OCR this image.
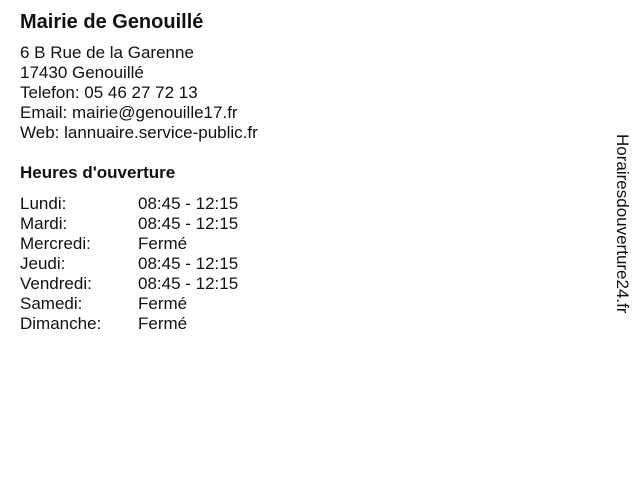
Mairie de Genouillé
6 B Rue de la Garenne
17430 Genouillé
Telefon: 05 46 27 72 13
Email: mairie@genouille17.fr
Web: lannuaire.service-public.fr
Heures d'ouverture
Lundi:	08:45 - 12:15
Mardi:	08:45 - 12:15
Mercredi:	Fermé
Jeudi:	08:45 - 12:15
Vendredi:	08:45 - 12:15
Samedi:	Fermé
Dimanche:	Fermé
Horairesdouverture24.fr
